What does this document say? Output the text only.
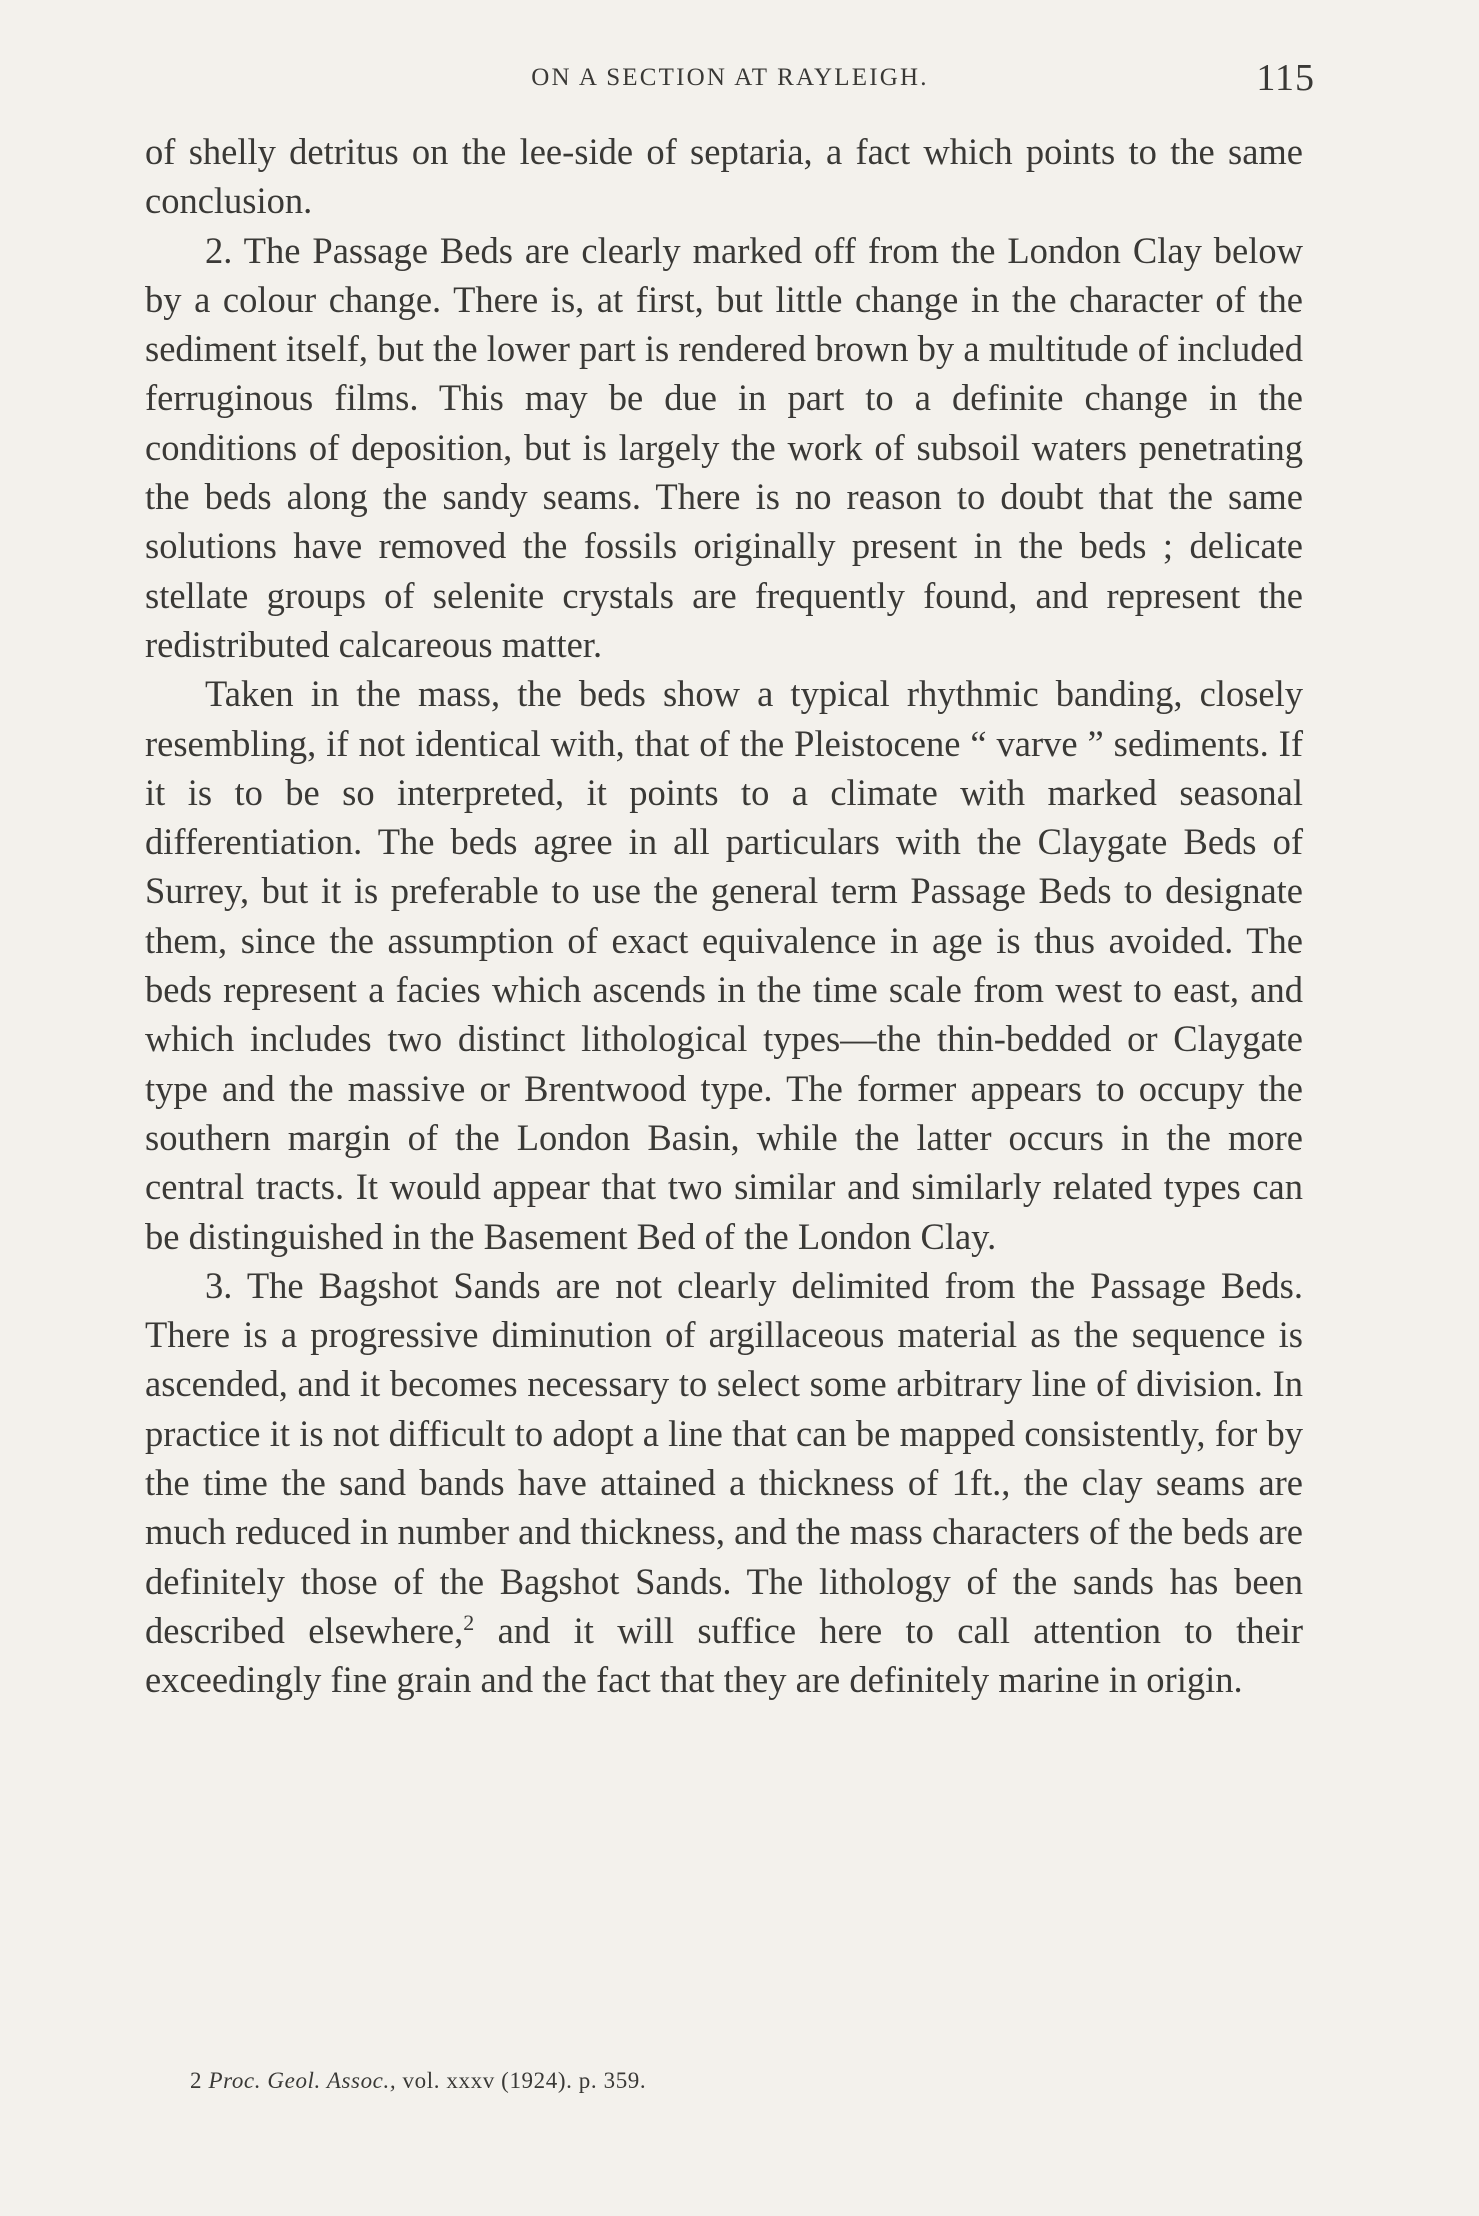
ON A SECTION AT RAYLEIGH.	115

of shelly detritus on the lee-side of septaria, a fact which points to the same conclusion.

2. The Passage Beds are clearly marked off from the London Clay below by a colour change. There is, at first, but little change in the character of the sediment itself, but the lower part is rendered brown by a multitude of included ferruginous films. This may be due in part to a definite change in the conditions of deposition, but is largely the work of subsoil waters penetrating the beds along the sandy seams. There is no reason to doubt that the same solutions have removed the fossils originally present in the beds ; delicate stellate groups of selenite crystals are frequently found, and represent the redistributed calcareous matter.

Taken in the mass, the beds show a typical rhythmic banding, closely resembling, if not identical with, that of the Pleistocene “ varve ” sediments. If it is to be so interpreted, it points to a climate with marked seasonal differentiation. The beds agree in all particulars with the Claygate Beds of Surrey, but it is preferable to use the general term Passage Beds to designate them, since the assumption of exact equivalence in age is thus avoided. The beds represent a facies which ascends in the time scale from west to east, and which includes two distinct lithological types—the thin-bedded or Claygate type and the massive or Brentwood type. The former appears to occupy the southern margin of the London Basin, while the latter occurs in the more central tracts. It would appear that two similar and similarly related types can be distinguished in the Basement Bed of the London Clay.

3. The Bagshot Sands are not clearly delimited from the Passage Beds. There is a progressive diminution of argillaceous material as the sequence is ascended, and it becomes necessary to select some arbitrary line of division. In practice it is not difficult to adopt a line that can be mapped consistently, for by the time the sand bands have attained a thickness of 1ft., the clay seams are much reduced in number and thickness, and the mass characters of the beds are definitely those of the Bagshot Sands. The lithology of the sands has been described elsewhere,$^2$ and it will suffice here to call attention to their exceedingly fine grain and the fact that they are definitely marine in origin.

2 Proc. Geol. Assoc., vol. xxxv (1924). p. 359.
